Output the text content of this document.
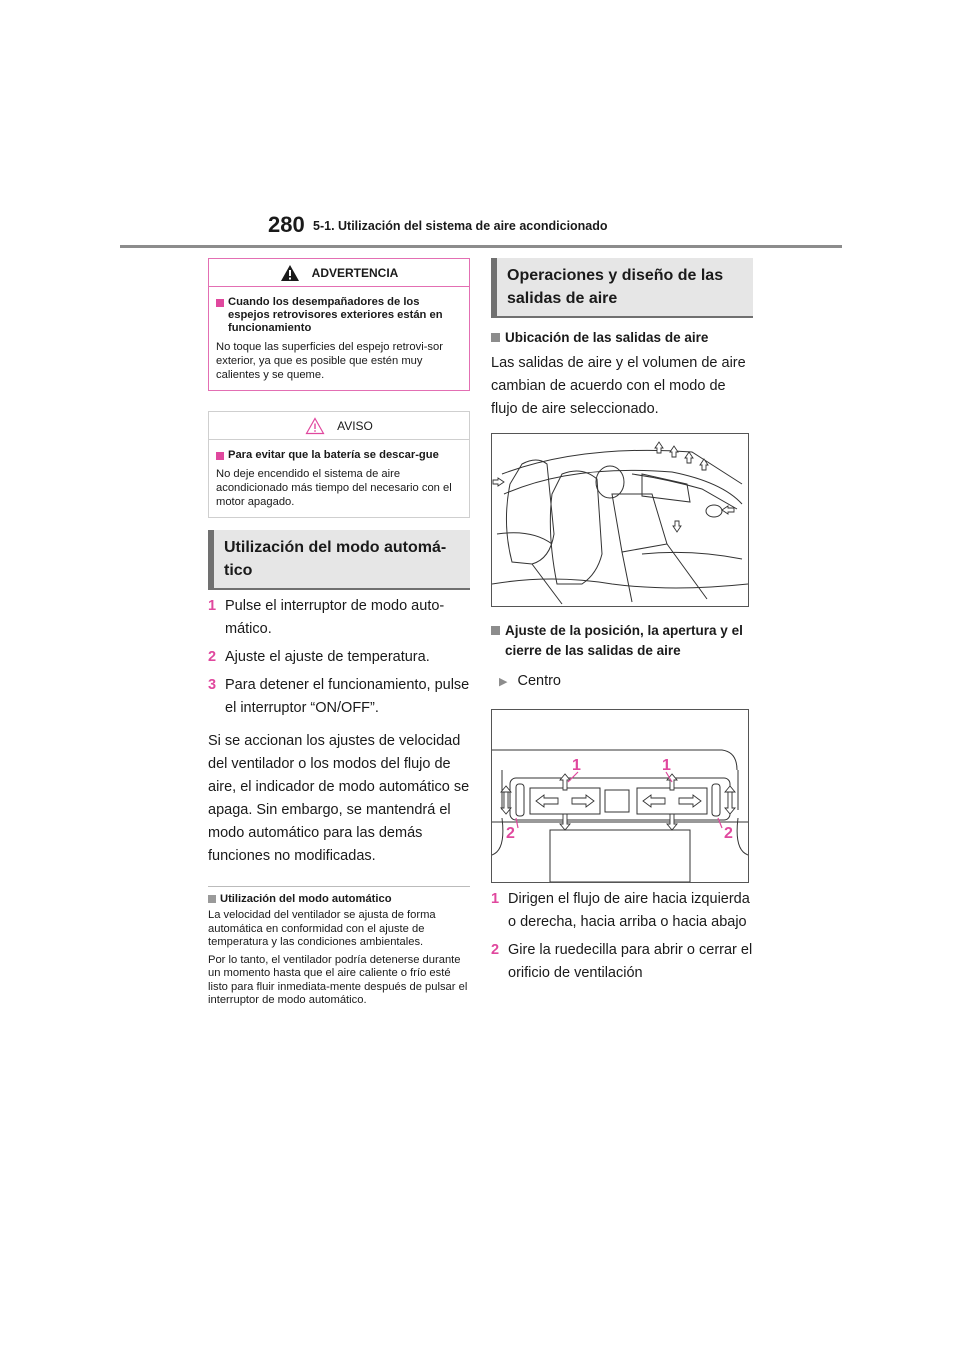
280 5-1. Utilización del sistema de aire acondicionado
ADVERTENCIA
Cuando los desempañadores de los espejos retrovisores exteriores están en funcionamiento
No toque las superficies del espejo retrovi-sor exterior, ya que es posible que estén muy calientes y se queme.
AVISO
Para evitar que la batería se descar-gue
No deje encendido el sistema de aire acondicionado más tiempo del necesario con el motor apagado.
Utilización del modo automá-tico
1 Pulse el interruptor de modo auto-mático.
2 Ajuste el ajuste de temperatura.
3 Para detener el funcionamiento, pulse el interruptor “ON/OFF”.
Si se accionan los ajustes de velocidad del ventilador o los modos del flujo de aire, el indicador de modo automático se apaga. Sin embargo, se mantendrá el modo automático para las demás funciones no modificadas.
Utilización del modo automático
La velocidad del ventilador se ajusta de forma automática en conformidad con el ajuste de temperatura y las condiciones ambientales.
Por lo tanto, el ventilador podría detenerse durante un momento hasta que el aire caliente o frío esté listo para fluir inmediata-mente después de pulsar el interruptor de modo automático.
Operaciones y diseño de las salidas de aire
Ubicación de las salidas de aire
Las salidas de aire y el volumen de aire cambian de acuerdo con el modo de flujo de aire seleccionado.
Ajuste de la posición, la apertura y el cierre de las salidas de aire
▶ Centro
1	1
2	2
1 Dirigen el flujo de aire hacia izquierda o derecha, hacia arriba o hacia abajo
2 Gire la ruedecilla para abrir o cerrar el orificio de ventilación
